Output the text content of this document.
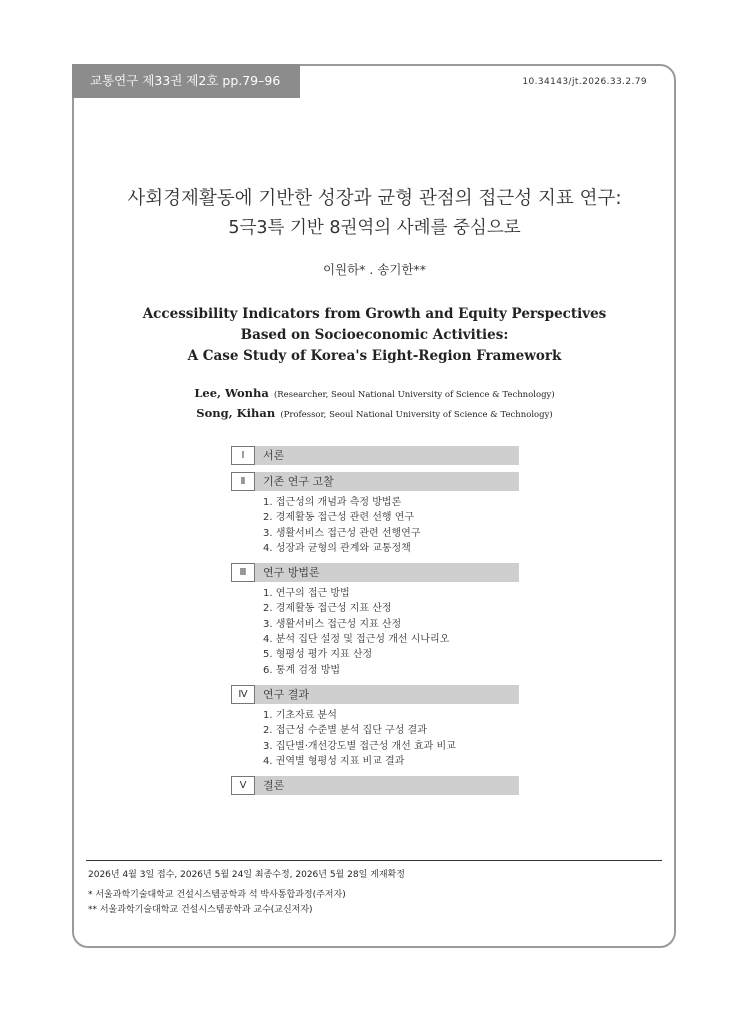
교통연구 제33권 제2호 pp.79–96	10.34143/jt.2026.33.2.79
사회경제활동에 기반한 성장과 균형 관점의 접근성 지표 연구:
5극3특 기반 8권역의 사례를 중심으로
이원하* . 송기한**
Accessibility Indicators from Growth and Equity Perspectives
Based on Socioeconomic Activities:
A Case Study of Korea's Eight-Region Framework
Lee, Wonha (Researcher, Seoul National University of Science & Technology)
Song, Kihan (Professor, Seoul National University of Science & Technology)
Ⅰ	서론
Ⅱ	기존 연구 고찰
1. 접근성의 개념과 측정 방법론
2. 경제활동 접근성 관련 선행 연구
3. 생활서비스 접근성 관련 선행연구
4. 성장과 균형의 관계와 교통정책
Ⅲ	연구 방법론
1. 연구의 접근 방법
2. 경제활동 접근성 지표 산정
3. 생활서비스 접근성 지표 산정
4. 분석 집단 설정 및 접근성 개선 시나리오
5. 형평성 평가 지표 산정
6. 통계 검정 방법
Ⅳ	연구 결과
1. 기초자료 분석
2. 접근성 수준별 분석 집단 구성 결과
3. 집단별·개선강도별 접근성 개선 효과 비교
4. 권역별 형평성 지표 비교 결과
Ⅴ	결론
2026년 4월 3일 접수, 2026년 5월 24일 최종수정, 2026년 5월 28일 게재확정
* 서울과학기술대학교 건설시스템공학과 석 박사통합과정(주저자)
** 서울과학기술대학교 건설시스템공학과 교수(교신저자)
